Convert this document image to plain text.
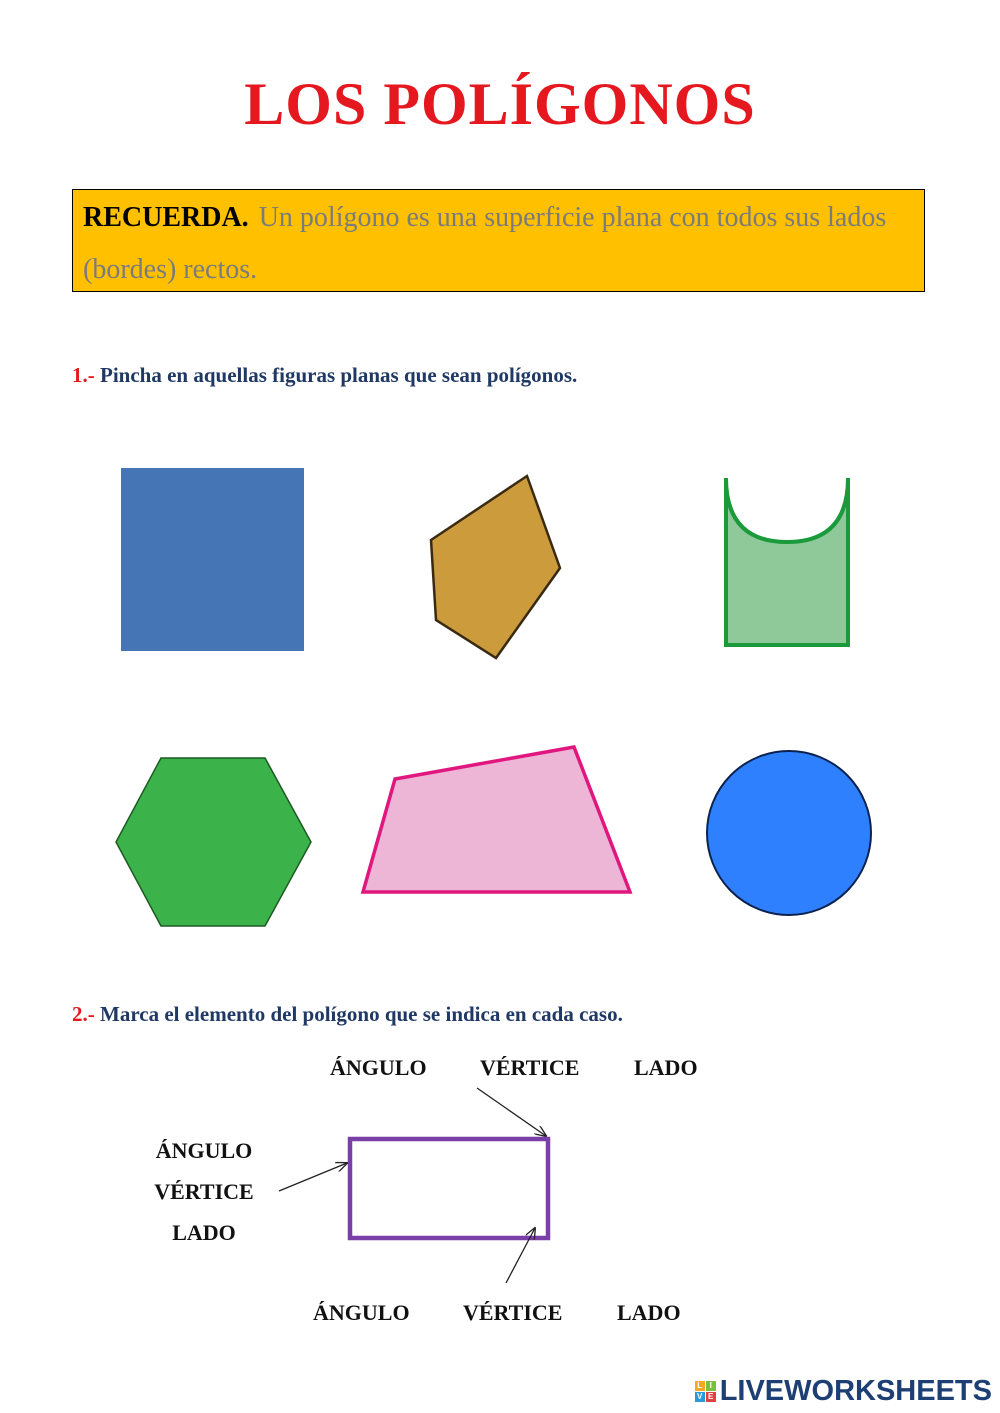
LOS POLÍGONOS
RECUERDA. Un polígono es una superficie plana con todos sus lados (bordes) rectos.
1.- Pincha en aquellas figuras planas que sean polígonos.
2.- Marca el elemento del polígono que se indica en cada caso.
ÁNGULO VÉRTICE LADO
ÁNGULO
VÉRTICE
LADO
ÁNGULO VÉRTICE LADO
L I
V E LIVEWORKSHEETS
